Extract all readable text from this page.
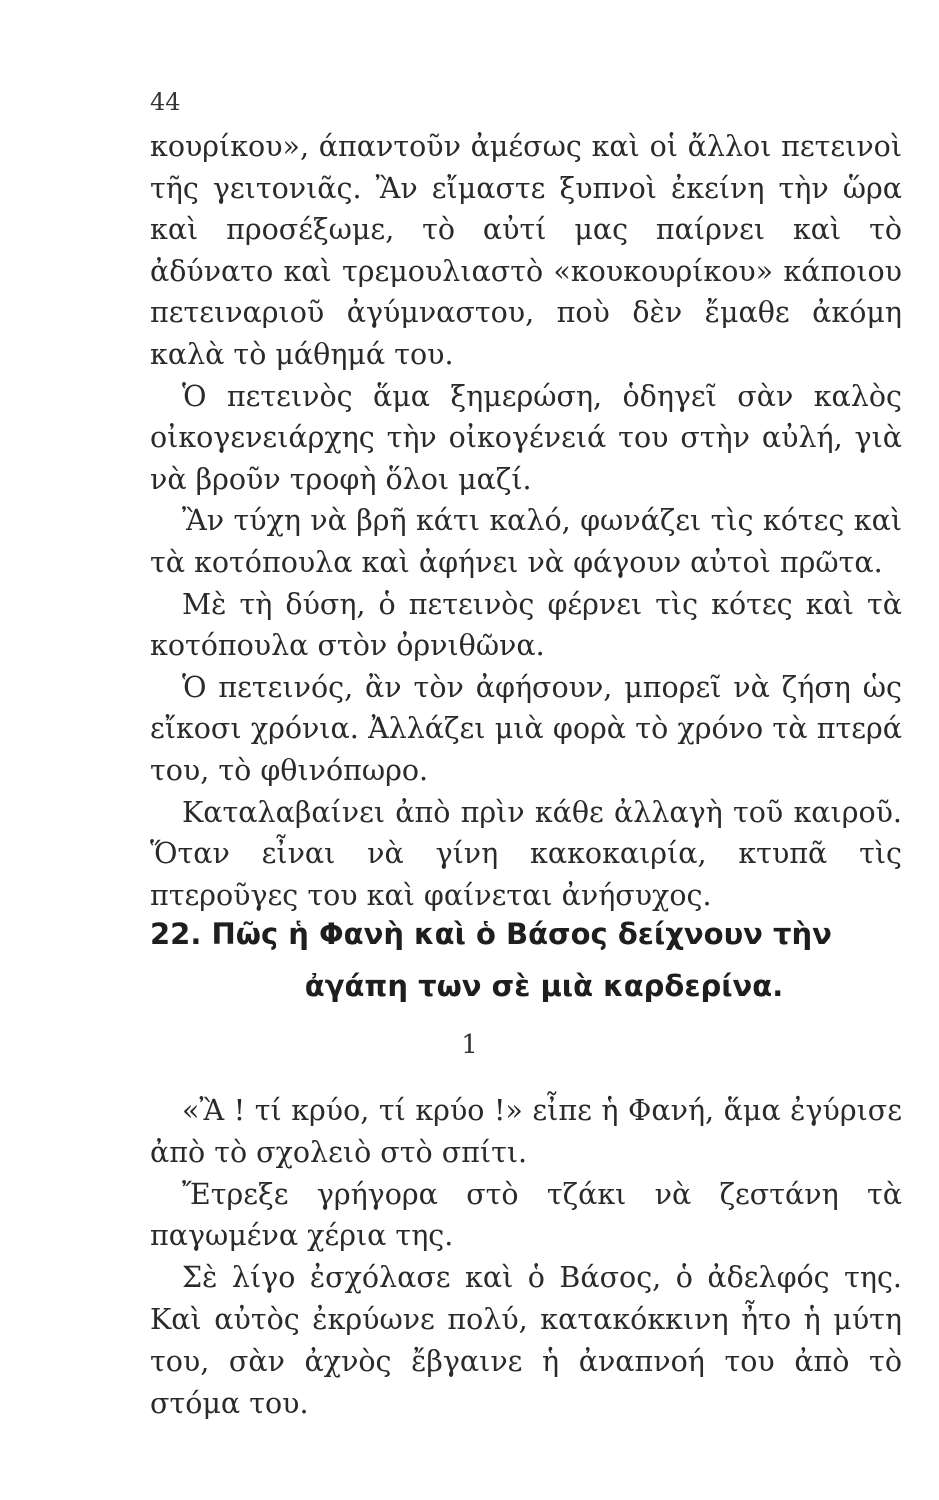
44

κουρίκου», άπαντοῦν ἀμέσως καὶ οἱ ἄλλοι πετεινοὶ τῆς γειτονιᾶς. Ἂν εἴμαστε ξυπνοὶ ἐκείνη τὴν ὥρα καὶ προσέξωμε, τὸ αὐτί μας παίρνει καὶ τὸ ἀδύνατο καὶ τρεμουλιαστὸ «κουκουρίκου» κάποιου πετειναριοῦ ἀγύμναστου, ποὺ δὲν ἔμαθε ἀκόμη καλὰ τὸ μάθημά του.

Ὁ πετεινὸς ἅμα ξημερώση, ὁδηγεῖ σὰν καλὸς οἰκογενειάρχης τὴν οἰκογένειά του στὴν αὐλή, γιὰ νὰ βροῦν τροφὴ ὅλοι μαζί.

Ἂν τύχη νὰ βρῆ κάτι καλό, φωνάζει τὶς κότες καὶ τὰ κοτόπουλα καὶ ἀφήνει νὰ φάγουν αὐτοὶ πρῶτα.

Μὲ τὴ δύση, ὁ πετεινὸς φέρνει τὶς κότες καὶ τὰ κοτόπουλα στὸν ὀρνιθῶνα.

Ὁ πετεινός, ἂν τὸν ἀφήσουν, μπορεῖ νὰ ζήση ὡς εἴκοσι χρόνια. Ἀλλάζει μιὰ φορὰ τὸ χρόνο τὰ πτερά του, τὸ φθινόπωρο.

Καταλαβαίνει ἀπὸ πρὶν κάθε ἀλλαγὴ τοῦ καιροῦ. Ὅταν εἶναι νὰ γίνη κακοκαιρία, κτυπᾶ τὶς πτεροῦγες του καὶ φαίνεται ἀνήσυχος.

22. Πῶς ἡ Φανὴ καὶ ὁ Βάσος δείχνουν τὴν
ἀγάπη των σὲ μιὰ καρδερίνα.
1

«Ἂ ! τί κρύο, τί κρύο !» εἶπε ἡ Φανή, ἅμα ἐγύρισε ἀπὸ τὸ σχολειὸ στὸ σπίτι.

Ἔτρεξε γρήγορα στὸ τζάκι νὰ ζεστάνη τὰ παγωμένα χέρια της.

Σὲ λίγο ἐσχόλασε καὶ ὁ Βάσος, ὁ ἀδελφός της. Καὶ αὐτὸς ἐκρύωνε πολύ, κατακόκκινη ἦτο ἡ μύτη του, σὰν ἀχνὸς ἔβγαινε ἡ ἀναπνοή του ἀπὸ τὸ στόμα του.
